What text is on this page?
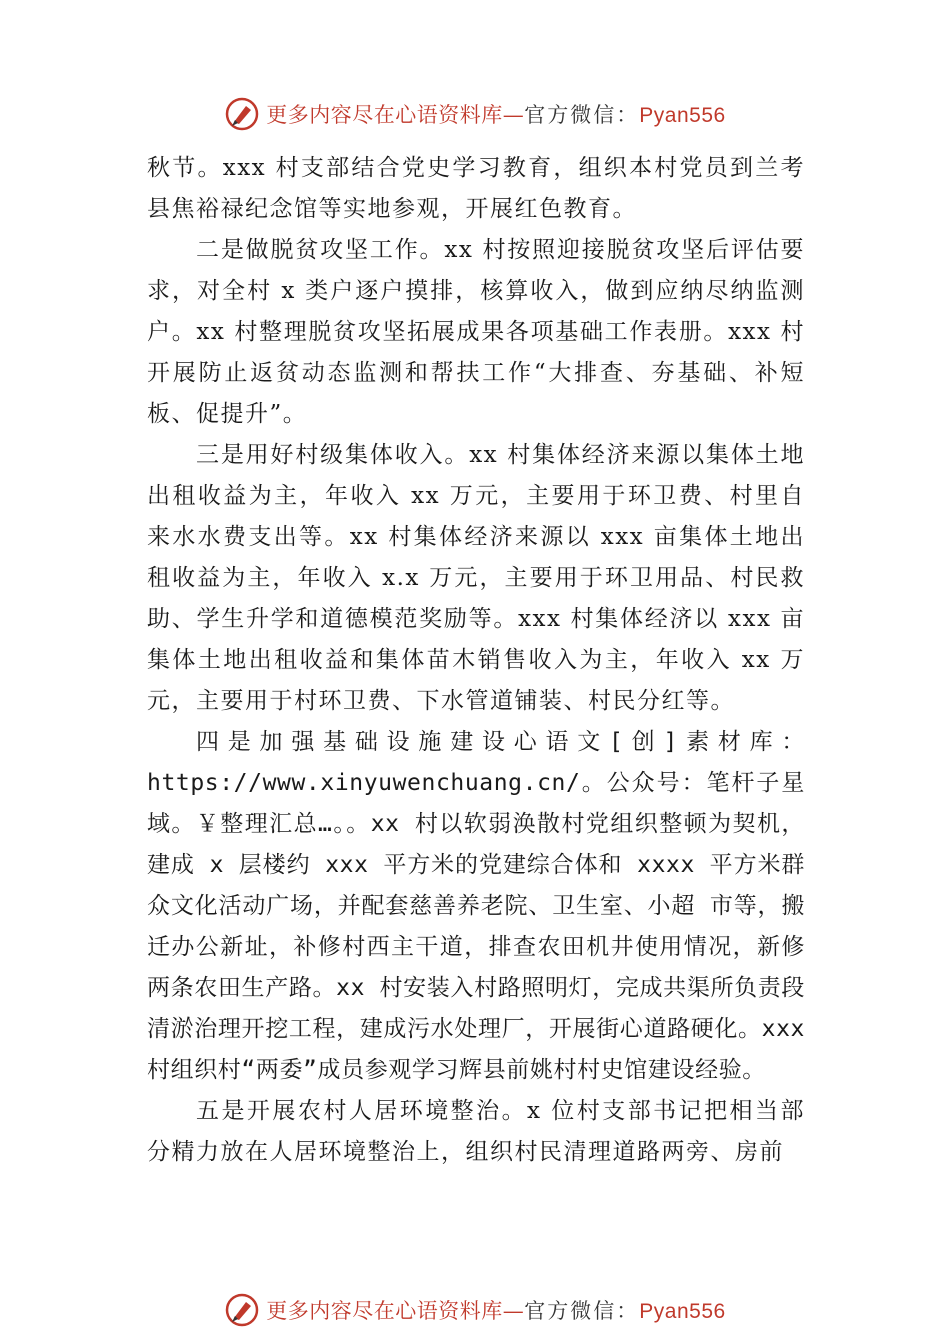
更多内容尽在心语资料库—官方微信：Pyan556

秋节。xxx 村支部结合党史学习教育，组织本村党员到兰考县焦裕禄纪念馆等实地参观，开展红色教育。

二是做脱贫攻坚工作。xx 村按照迎接脱贫攻坚后评估要求，对全村 x 类户逐户摸排，核算收入，做到应纳尽纳监测户。xx 村整理脱贫攻坚拓展成果各项基础工作表册。xxx 村开展防止返贫动态监测和帮扶工作“大排查、夯基础、补短板、促提升”。

三是用好村级集体收入。xx 村集体经济来源以集体土地出租收益为主，年收入 xx 万元，主要用于环卫费、村里自来水水费支出等。xx 村集体经济来源以 xxx 亩集体土地出租收益为主，年收入 x.x 万元，主要用于环卫用品、村民救助、学生升学和道德模范奖励等。xxx 村集体经济以 xxx 亩集体土地出租收益和集体苗木销售收入为主，年收入 xx 万元，主要用于村环卫费、下水管道铺装、村民分红等。

四是加强基础设施建设心语文[创]素材库：https://www.xinyuwenchuang.cn/。公众号：笔杆子星域。￥整理汇总…。。xx 村以软弱涣散村党组织整顿为契机，建成 x 层楼约 xxx 平方米的党建综合体和 xxxx 平方米群众文化活动广场，并配套慈善养老院、卫生室、小超 市等，搬迁办公新址，补修村西主干道，排查农田机井使用情况，新修两条农田生产路。xx 村安装入村路照明灯，完成共渠所负责段清淤治理开挖工程，建成污水处理厂，开展街心道路硬化。xxx 村组织村“两委”成员参观学习辉县前姚村村史馆建设经验。

五是开展农村人居环境整治。x 位村支部书记把相当部分精力放在人居环境整治上，组织村民清理道路两旁、房前

更多内容尽在心语资料库—官方微信：Pyan556
